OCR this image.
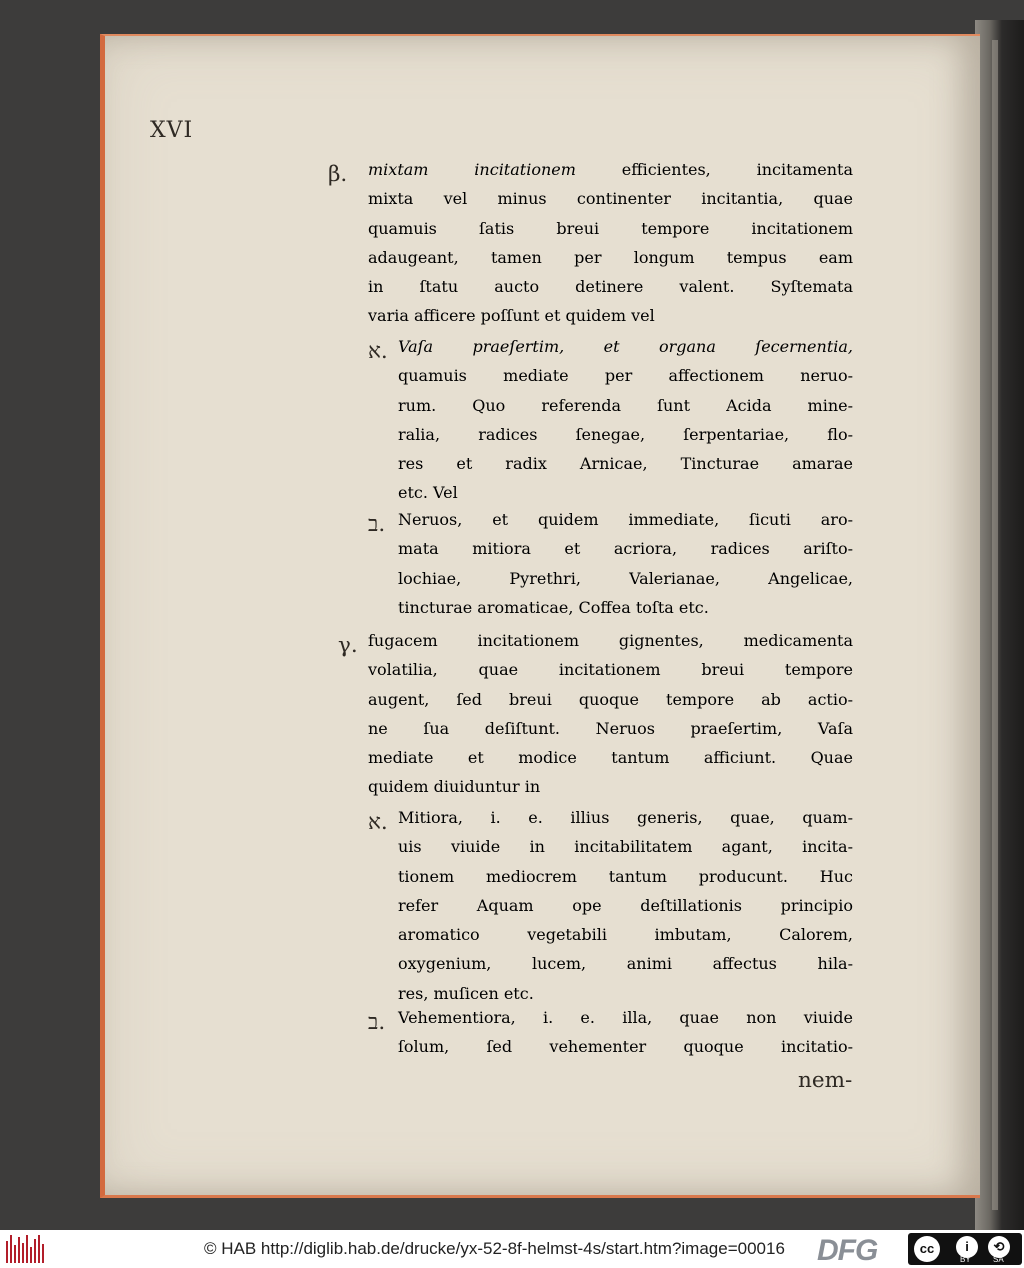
XVI
β. mixtam incitationem efficientes, incitamenta
mixta vel minus continenter incitantia, quae
quamuis ſatis breui tempore incitationem
adaugeant, tamen per longum tempus eam
in ſtatu aucto detinere valent. Syſtemata
varia afficere poſſunt et quidem vel
א. Vaſa praeſertim, et organa ſecernentia,
quamuis mediate per affectionem neruo-
rum. Quo referenda ſunt Acida mine-
ralia, radices ſenegae, ſerpentariae, flo-
res et radix Arnicae, Tincturae amarae
etc. Vel
ב. Neruos, et quidem immediate, ſicuti aro-
mata mitiora et acriora, radices ariſto-
lochiae, Pyrethri, Valerianae, Angelicae,
tincturae aromaticae, Coffea toſta etc.
γ. fugacem incitationem gignentes, medicamenta
volatilia, quae incitationem breui tempore
augent, ſed breui quoque tempore ab actio-
ne ſua deſiſtunt. Neruos praeſertim, Vaſa
mediate et modice tantum afficiunt. Quae
quidem diuiduntur in
א. Mitiora, i. e. illius generis, quae, quam-
uis viuide in incitabilitatem agant, incita-
tionem mediocrem tantum producunt. Huc
refer Aquam ope deſtillationis principio
aromatico vegetabili imbutam, Calorem,
oxygenium, lucem, animi affectus hila-
res, muſicen etc.
ב. Vehementiora, i. e. illa, quae non viuide
ſolum, ſed vehementer quoque incitatio-
nem-
© HAB http://diglib.hab.de/drucke/yx-52-8f-helmst-4s/start.htm?image=00016 DFG	cc	i	⟲
BY	SA
